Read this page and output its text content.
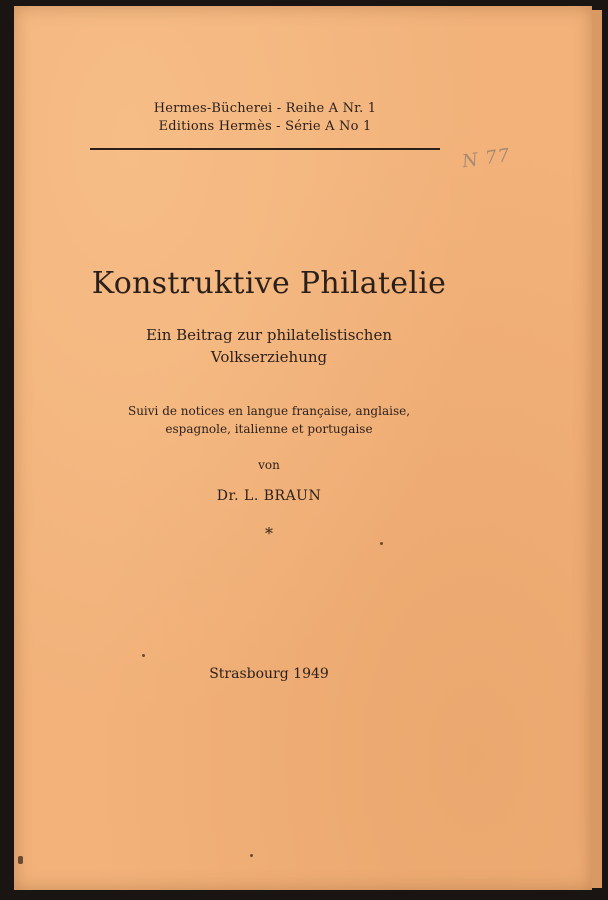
Hermes-Bücherei - Reihe A Nr. 1
Editions Hermès - Série A No 1
N 77
Konstruktive Philatelie
Ein Beitrag zur philatelistischen
Volkserziehung
Suivi de notices en langue française, anglaise,
espagnole, italienne et portugaise
von
Dr. L. BRAUN
*
Strasbourg 1949
